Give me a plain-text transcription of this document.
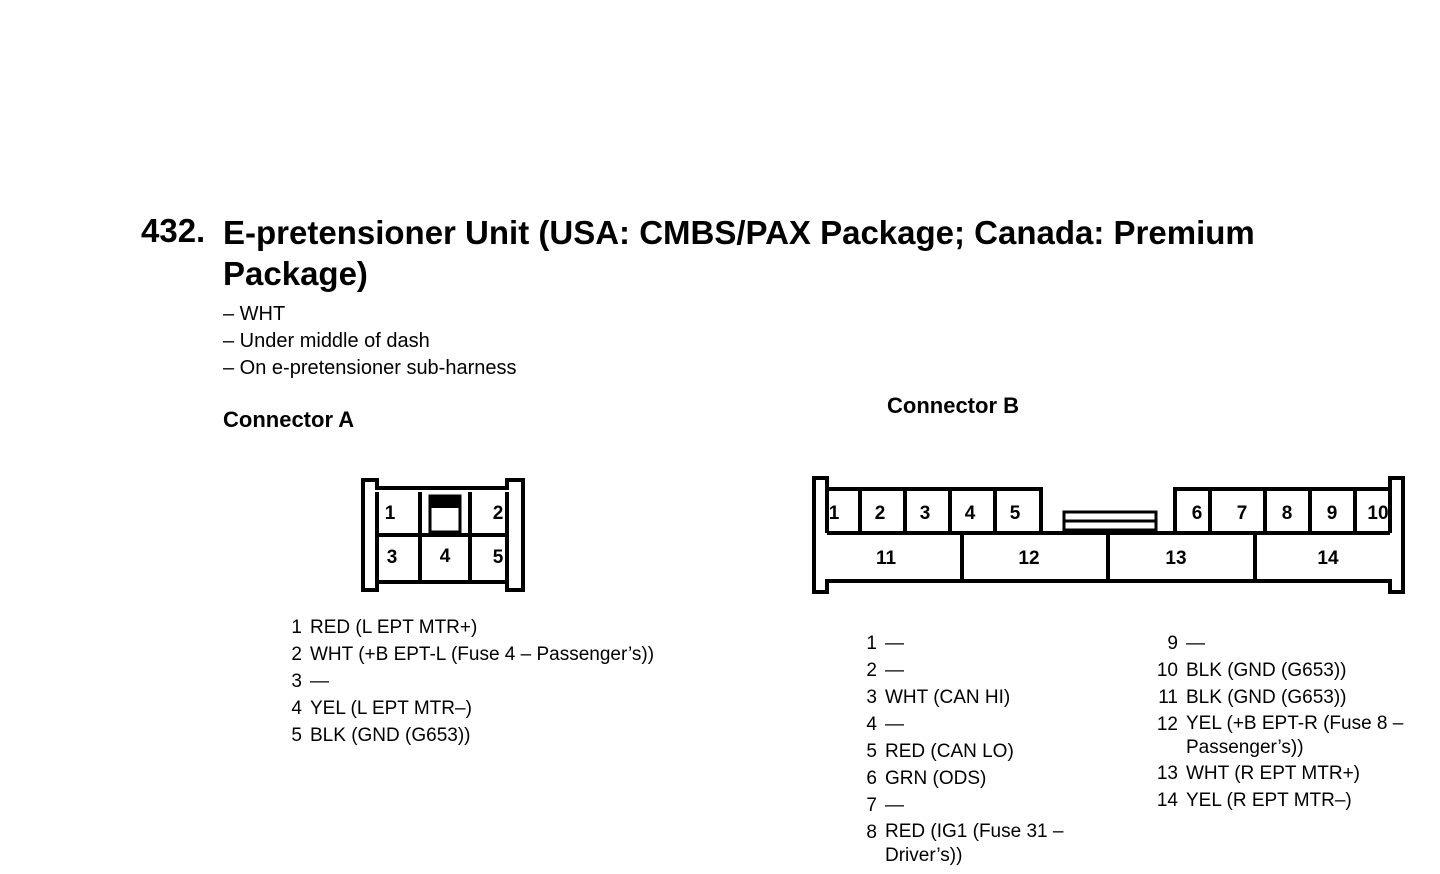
432. E-pretensioner Unit (USA: CMBS/PAX Package; Canada: Premium Package)
– WHT
– Under middle of dash
– On e-pretensioner sub-harness
Connector A
1	2
3 4 5
1 RED (L EPT MTR+)
2 WHT (+B EPT-L (Fuse 4 – Passenger’s))
3 —
4 YEL (L EPT MTR–)
5 BLK (GND (G653))
Connector B
1 2 3 4 5	6 7 8 9 10
11	12	13	14
1 —
2 —
3 WHT (CAN HI)
4 —
5 RED (CAN LO)
6 GRN (ODS)
7 —
8 RED (IG1 (Fuse 31 – Driver’s))
9 —
10 BLK (GND (G653))
11 BLK (GND (G653))
12 YEL (+B EPT-R (Fuse 8 – Passenger’s))
13 WHT (R EPT MTR+)
14 YEL (R EPT MTR–)
